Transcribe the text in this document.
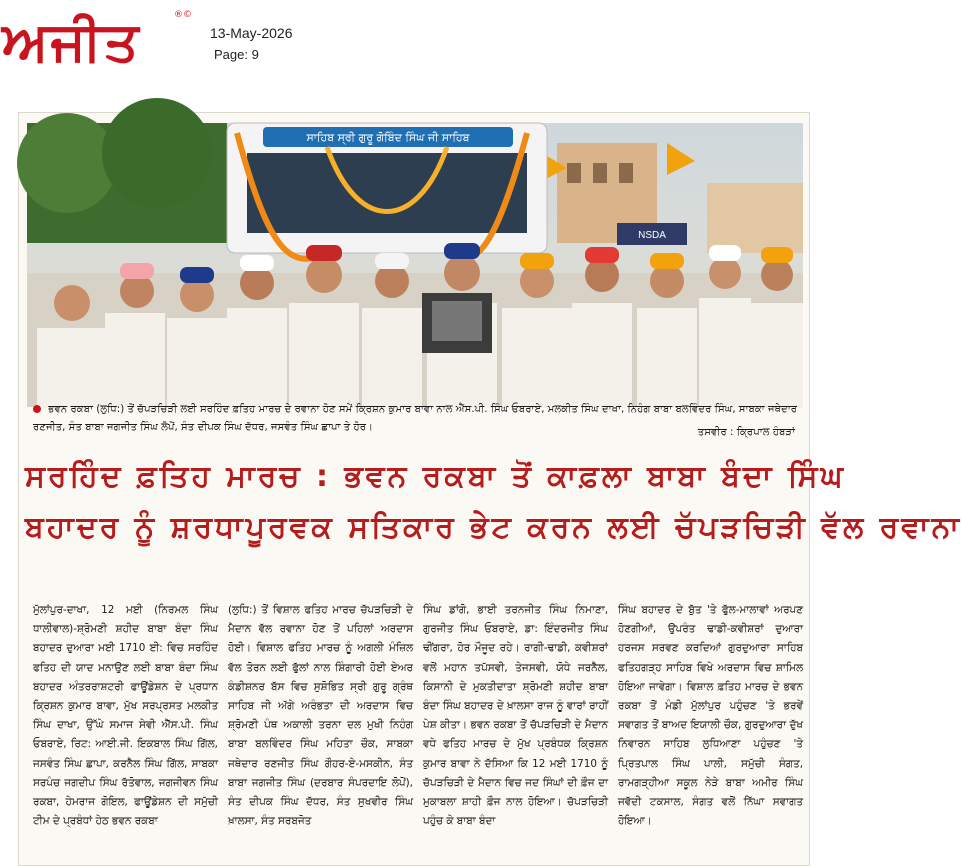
ਅਜੀਤ	®©
13-May-2026
Page: 9
ਸਾਹਿਬ ਸ੍ਰੀ ਗੁਰੂ ਗੋਬਿੰਦ ਸਿੰਘ ਜੀ ਸਾਹਿਬ
NSDA
ਭਵਨ ਰਕਬਾ (ਲੁਧਿ:) ਤੋਂ ਚੱਪੜਚਿੜੀ ਲਈ ਸਰਹਿੰਦ ਫ਼ਤਿਹ ਮਾਰਚ ਦੇ ਰਵਾਨਾ ਹੋਣ ਸਮੇਂ ਕ੍ਰਿਸ਼ਨ ਕੁਮਾਰ ਬਾਵਾ ਨਾਲ ਐੱਸ.ਪੀ. ਸਿੰਘ ਓਬਰਾਏ, ਮਲਕੀਤ ਸਿੰਘ ਦਾਖਾ, ਨਿਹੰਗ ਬਾਬਾ ਬਲਵਿੰਦਰ ਸਿੰਘ, ਸਾਬਕਾ ਜਥੇਦਾਰ ਰਣਜੀਤ, ਸੰਤ ਬਾਬਾ ਜਗਜੀਤ ਸਿੰਘ ਲੋਪੋਂ, ਸੰਤ ਦੀਪਕ ਸਿੰਘ ਦੱਧਰ, ਜਸਵੰਤ ਸਿੰਘ ਛਾਪਾ ਤੇ ਹੋਰ।	ਤਸਵੀਰ : ਕ੍ਰਿਪਾਲ ਹੰਬੜਾਂ
ਸਰਹਿੰਦ ਫ਼ਤਿਹ ਮਾਰਚ : ਭਵਨ ਰਕਬਾ ਤੋਂ ਕਾਫ਼ਲਾ ਬਾਬਾ ਬੰਦਾ ਸਿੰਘ
ਬਹਾਦਰ ਨੂੰ ਸ਼ਰਧਾਪੂਰਵਕ ਸਤਿਕਾਰ ਭੇਟ ਕਰਨ ਲਈ ਚੱਪੜਚਿੜੀ ਵੱਲ ਰਵਾਨਾ
ਮੁੱਲਾਂਪੁਰ-ਦਾਖਾ, 12 ਮਈ (ਨਿਰਮਲ ਸਿੰਘ ਧਾਲੀਵਾਲ)-ਸ਼੍ਰੋਮਣੀ ਸ਼ਹੀਦ ਬਾਬਾ ਬੰਦਾ ਸਿੰਘ ਬਹਾਦਰ ਦੁਆਰਾ ਮਈ 1710 ਈ: ਵਿਚ ਸਰਹਿੰਦ ਫਤਿਹ ਦੀ ਯਾਦ ਮਨਾਉਣ ਲਈ ਬਾਬਾ ਬੰਦਾ ਸਿੰਘ ਬਹਾਦਰ ਅੰਤਰਰਾਸ਼ਟਰੀ ਫਾਊਂਡੇਸ਼ਨ ਦੇ ਪ੍ਰਧਾਨ ਕ੍ਰਿਸ਼ਨ ਕੁਮਾਰ ਬਾਵਾ, ਮੁੱਖ ਸਰਪ੍ਰਸਤ ਮਲਕੀਤ ਸਿੰਘ ਦਾਖਾ, ਉੱਘੇ ਸਮਾਜ ਸੇਵੀ ਐੱਸ.ਪੀ. ਸਿੰਘ ਓਬਰਾਏ, ਰਿਟ: ਆਈ.ਜੀ. ਇਕਬਾਲ ਸਿੰਘ ਗਿੱਲ, ਜਸਵੰਤ ਸਿੰਘ ਛਾਪਾ, ਕਰਨੈਲ ਸਿੰਘ ਗਿੱਲ, ਸਾਬਕਾ ਸਰਪੰਚ ਜਗਦੀਪ ਸਿੰਘ ਰੱਤੋਵਾਲ, ਜਗਜੀਵਨ ਸਿੰਘ ਰਕਬਾ, ਹੇਮਰਾਜ ਗੋਇਲ, ਫਾਊਂਡੇਸ਼ਨ ਦੀ ਸਮੁੱਚੀ ਟੀਮ ਦੇ ਪ੍ਰਬੰਧਾਂ ਹੇਠ ਭਵਨ ਰਕਬਾ
(ਲੁਧਿ:) ਤੋਂ ਵਿਸ਼ਾਲ ਫਤਿਹ ਮਾਰਚ ਚੱਪੜਚਿੜੀ ਦੇ ਮੈਦਾਨ ਵੱਲ ਰਵਾਨਾ ਹੋਣ ਤੋਂ ਪਹਿਲਾਂ ਅਰਦਾਸ ਹੋਈ। ਵਿਸ਼ਾਲ ਫਤਿਹ ਮਾਰਚ ਨੂੰ ਅਗਲੀ ਮੰਜ਼ਿਲ ਵੱਲ ਤੋਰਨ ਲਈ ਫੁੱਲਾਂ ਨਾਲ ਸ਼ਿੰਗਾਰੀ ਹੋਈ ਏਅਰ ਕੰਡੀਸ਼ਨਰ ਬੱਸ ਵਿਚ ਸੁਸ਼ੋਭਿਤ ਸ੍ਰੀ ਗੁਰੂ ਗ੍ਰੰਥ ਸਾਹਿਬ ਜੀ ਅੱਗੇ ਅਰੰਭਤਾ ਦੀ ਅਰਦਾਸ ਵਿਚ ਸ਼੍ਰੋਮਣੀ ਪੰਥ ਅਕਾਲੀ ਤਰਨਾ ਦਲ ਮੁਖੀ ਨਿਹੰਗ ਬਾਬਾ ਬਲਵਿੰਦਰ ਸਿੰਘ ਮਹਿਤਾ ਚੌਕ, ਸਾਬਕਾ ਜਥੇਦਾਰ ਰਣਜੀਤ ਸਿੰਘ ਗੌਹਰ-ਏ-ਮਸਕੀਨ, ਸੰਤ ਬਾਬਾ ਜਗਜੀਤ ਸਿੰਘ (ਦਰਬਾਰ ਸੰਪਰਦਾਇ ਲੋਪੋਂ), ਸੰਤ ਦੀਪਕ ਸਿੰਘ ਦੱਧਰ, ਸੰਤ ਸੁਖਵੀਰ ਸਿੰਘ ਖ਼ਾਲਸਾ, ਸੰਤ ਸਰਬਜੋਤ
ਸਿੰਘ ਡਾਂਗੋ, ਭਾਈ ਤਰਨਜੀਤ ਸਿੰਘ ਨਿਮਾਣਾ, ਗੁਰਜੀਤ ਸਿੰਘ ਓਬਰਾਏ, ਡਾ: ਇੰਦਰਜੀਤ ਸਿੰਘ ਢੀਂਗਰਾ, ਹੋਰ ਮੌਜੂਦ ਰਹੇ। ਰਾਗੀ-ਢਾਡੀ, ਕਵੀਸ਼ਰਾਂ ਵਲੋਂ ਮਹਾਨ ਤਪੱਸਵੀ, ਤੇਜਸਵੀ, ਯੋਧੇ ਜਰਨੈਲ, ਕਿਸਾਨੀ ਦੇ ਮੁਕਤੀਦਾਤਾ ਸ਼੍ਰੋਮਣੀ ਸ਼ਹੀਦ ਬਾਬਾ ਬੰਦਾ ਸਿੰਘ ਬਹਾਦਰ ਦੇ ਖ਼ਾਲਸਾ ਰਾਜ ਨੂੰ ਵਾਰਾਂ ਰਾਹੀਂ ਪੇਸ਼ ਕੀਤਾ। ਭਵਨ ਰਕਬਾ ਤੋਂ ਚੱਪੜਚਿੜੀ ਦੇ ਮੈਦਾਨ ਵਧੇ ਫਤਿਹ ਮਾਰਚ ਦੇ ਮੁੱਖ ਪ੍ਰਬੰਧਕ ਕ੍ਰਿਸ਼ਨ ਕੁਮਾਰ ਬਾਵਾ ਨੇ ਦੱਸਿਆ ਕਿ 12 ਮਈ 1710 ਨੂੰ ਚੱਪੜਚਿੜੀ ਦੇ ਮੈਦਾਨ ਵਿਚ ਜਦ ਸਿੰਘਾਂ ਦੀ ਫ਼ੌਜ ਦਾ ਮੁਕਾਬਲਾ ਸ਼ਾਹੀ ਫ਼ੌਜ ਨਾਲ ਹੋਇਆ। ਚੱਪੜਚਿੜੀ ਪਹੁੰਚ ਕੇ ਬਾਬਾ ਬੰਦਾ
ਸਿੰਘ ਬਹਾਦਰ ਦੇ ਬੁੱਤ 'ਤੇ ਫੁੱਲ-ਮਾਲਾਵਾਂ ਅਰਪਣ ਹੋਣਗੀਆਂ, ਉਪਰੰਤ ਢਾਡੀ-ਕਵੀਸ਼ਰਾਂ ਦੁਆਰਾ ਹਰਜਸ ਸਰਵਣ ਕਰਦਿਆਂ ਗੁਰਦੁਆਰਾ ਸਾਹਿਬ ਫਤਿਹਗੜ੍ਹ ਸਾਹਿਬ ਵਿਖੇ ਅਰਦਾਸ ਵਿਚ ਸ਼ਾਮਿਲ ਹੋਇਆ ਜਾਵੇਗਾ। ਵਿਸ਼ਾਲ ਫ਼ਤਿਹ ਮਾਰਚ ਦੇ ਭਵਨ ਰਕਬਾ ਤੋਂ ਮੰਡੀ ਮੁੱਲਾਂਪੁਰ ਪਹੁੰਚਣ 'ਤੇ ਭਰਵੇਂ ਸਵਾਗਤ ਤੋਂ ਬਾਅਦ ਇਯਾਲੀ ਚੌਕ, ਗੁਰਦੁਆਰਾ ਦੁੱਖ ਨਿਵਾਰਨ ਸਾਹਿਬ ਲੁਧਿਆਣਾ ਪਹੁੰਚਣ 'ਤੇ ਪ੍ਰਿਤਪਾਲ ਸਿੰਘ ਪਾਲੀ, ਸਮੁੱਚੀ ਸੰਗਤ, ਰਾਮਗੜ੍ਹੀਆ ਸਕੂਲ ਨੇੜੇ ਬਾਬਾ ਅਮੀਰ ਸਿੰਘ ਜਵੱਦੀ ਟਕਸਾਲ, ਸੰਗਤ ਵਲੋਂ ਨਿੱਘਾ ਸਵਾਗਤ ਹੋਇਆ।
